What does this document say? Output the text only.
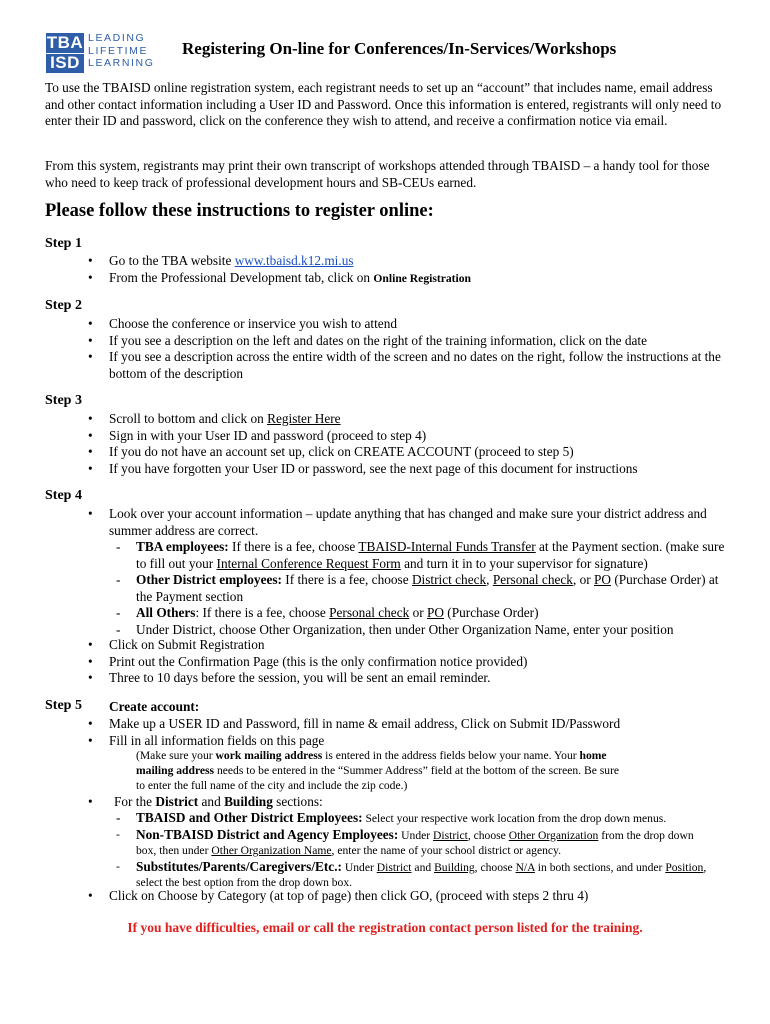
TBA
ISD
LEADING
LIFETIME
LEARNING
Registering On-line for Conferences/In-Services/Workshops
To use the TBAISD online registration system, each registrant needs to set up an “account” that includes name, email address and other contact information including a User ID and Password. Once this information is entered, registrants will only need to enter their ID and password, click on the conference they wish to attend, and receive a confirmation notice via email.
From this system, registrants may print their own transcript of workshops attended through TBAISD – a handy tool for those who need to keep track of professional development hours and SB-CEUs earned.
Please follow these instructions to register online:
Step 1
• Go to the TBA website www.tbaisd.k12.mi.us
• From the Professional Development tab, click on Online Registration
Step 2
• Choose the conference or inservice you wish to attend
• If you see a description on the left and dates on the right of the training information, click on the date
• If you see a description across the entire width of the screen and no dates on the right, follow the instructions at the bottom of the description
Step 3
• Scroll to bottom and click on Register Here
• Sign in with your User ID and password (proceed to step 4)
• If you do not have an account set up, click on CREATE ACCOUNT (proceed to step 5)
• If you have forgotten your User ID or password, see the next page of this document for instructions
Step 4
• Look over your account information – update anything that has changed and make sure your district address and summer address are correct.
- TBA employees: If there is a fee, choose TBAISD-Internal Funds Transfer at the Payment section. (make sure to fill out your Internal Conference Request Form and turn it in to your supervisor for signature)
- Other District employees: If there is a fee, choose District check, Personal check, or PO (Purchase Order) at the Payment section
- All Others: If there is a fee, choose Personal check or PO (Purchase Order)
- Under District, choose Other Organization, then under Other Organization Name, enter your position
• Click on Submit Registration
• Print out the Confirmation Page (this is the only confirmation notice provided)
• Three to 10 days before the session, you will be sent an email reminder.
Step 5 Create account:
• Make up a USER ID and Password, fill in name & email address, Click on Submit ID/Password
• Fill in all information fields on this page
(Make sure your work mailing address is entered in the address fields below your name. Your home mailing address needs to be entered in the “Summer Address” field at the bottom of the screen. Be sure to enter the full name of the city and include the zip code.)
• For the District and Building sections:
- TBAISD and Other District Employees: Select your respective work location from the drop down menus.
- Non-TBAISD District and Agency Employees: Under District, choose Other Organization from the drop down box, then under Other Organization Name, enter the name of your school district or agency.
- Substitutes/Parents/Caregivers/Etc.: Under District and Building, choose N/A in both sections, and under Position, select the best option from the drop down box.
• Click on Choose by Category (at top of page) then click GO, (proceed with steps 2 thru 4)
If you have difficulties, email or call the registration contact person listed for the training.
